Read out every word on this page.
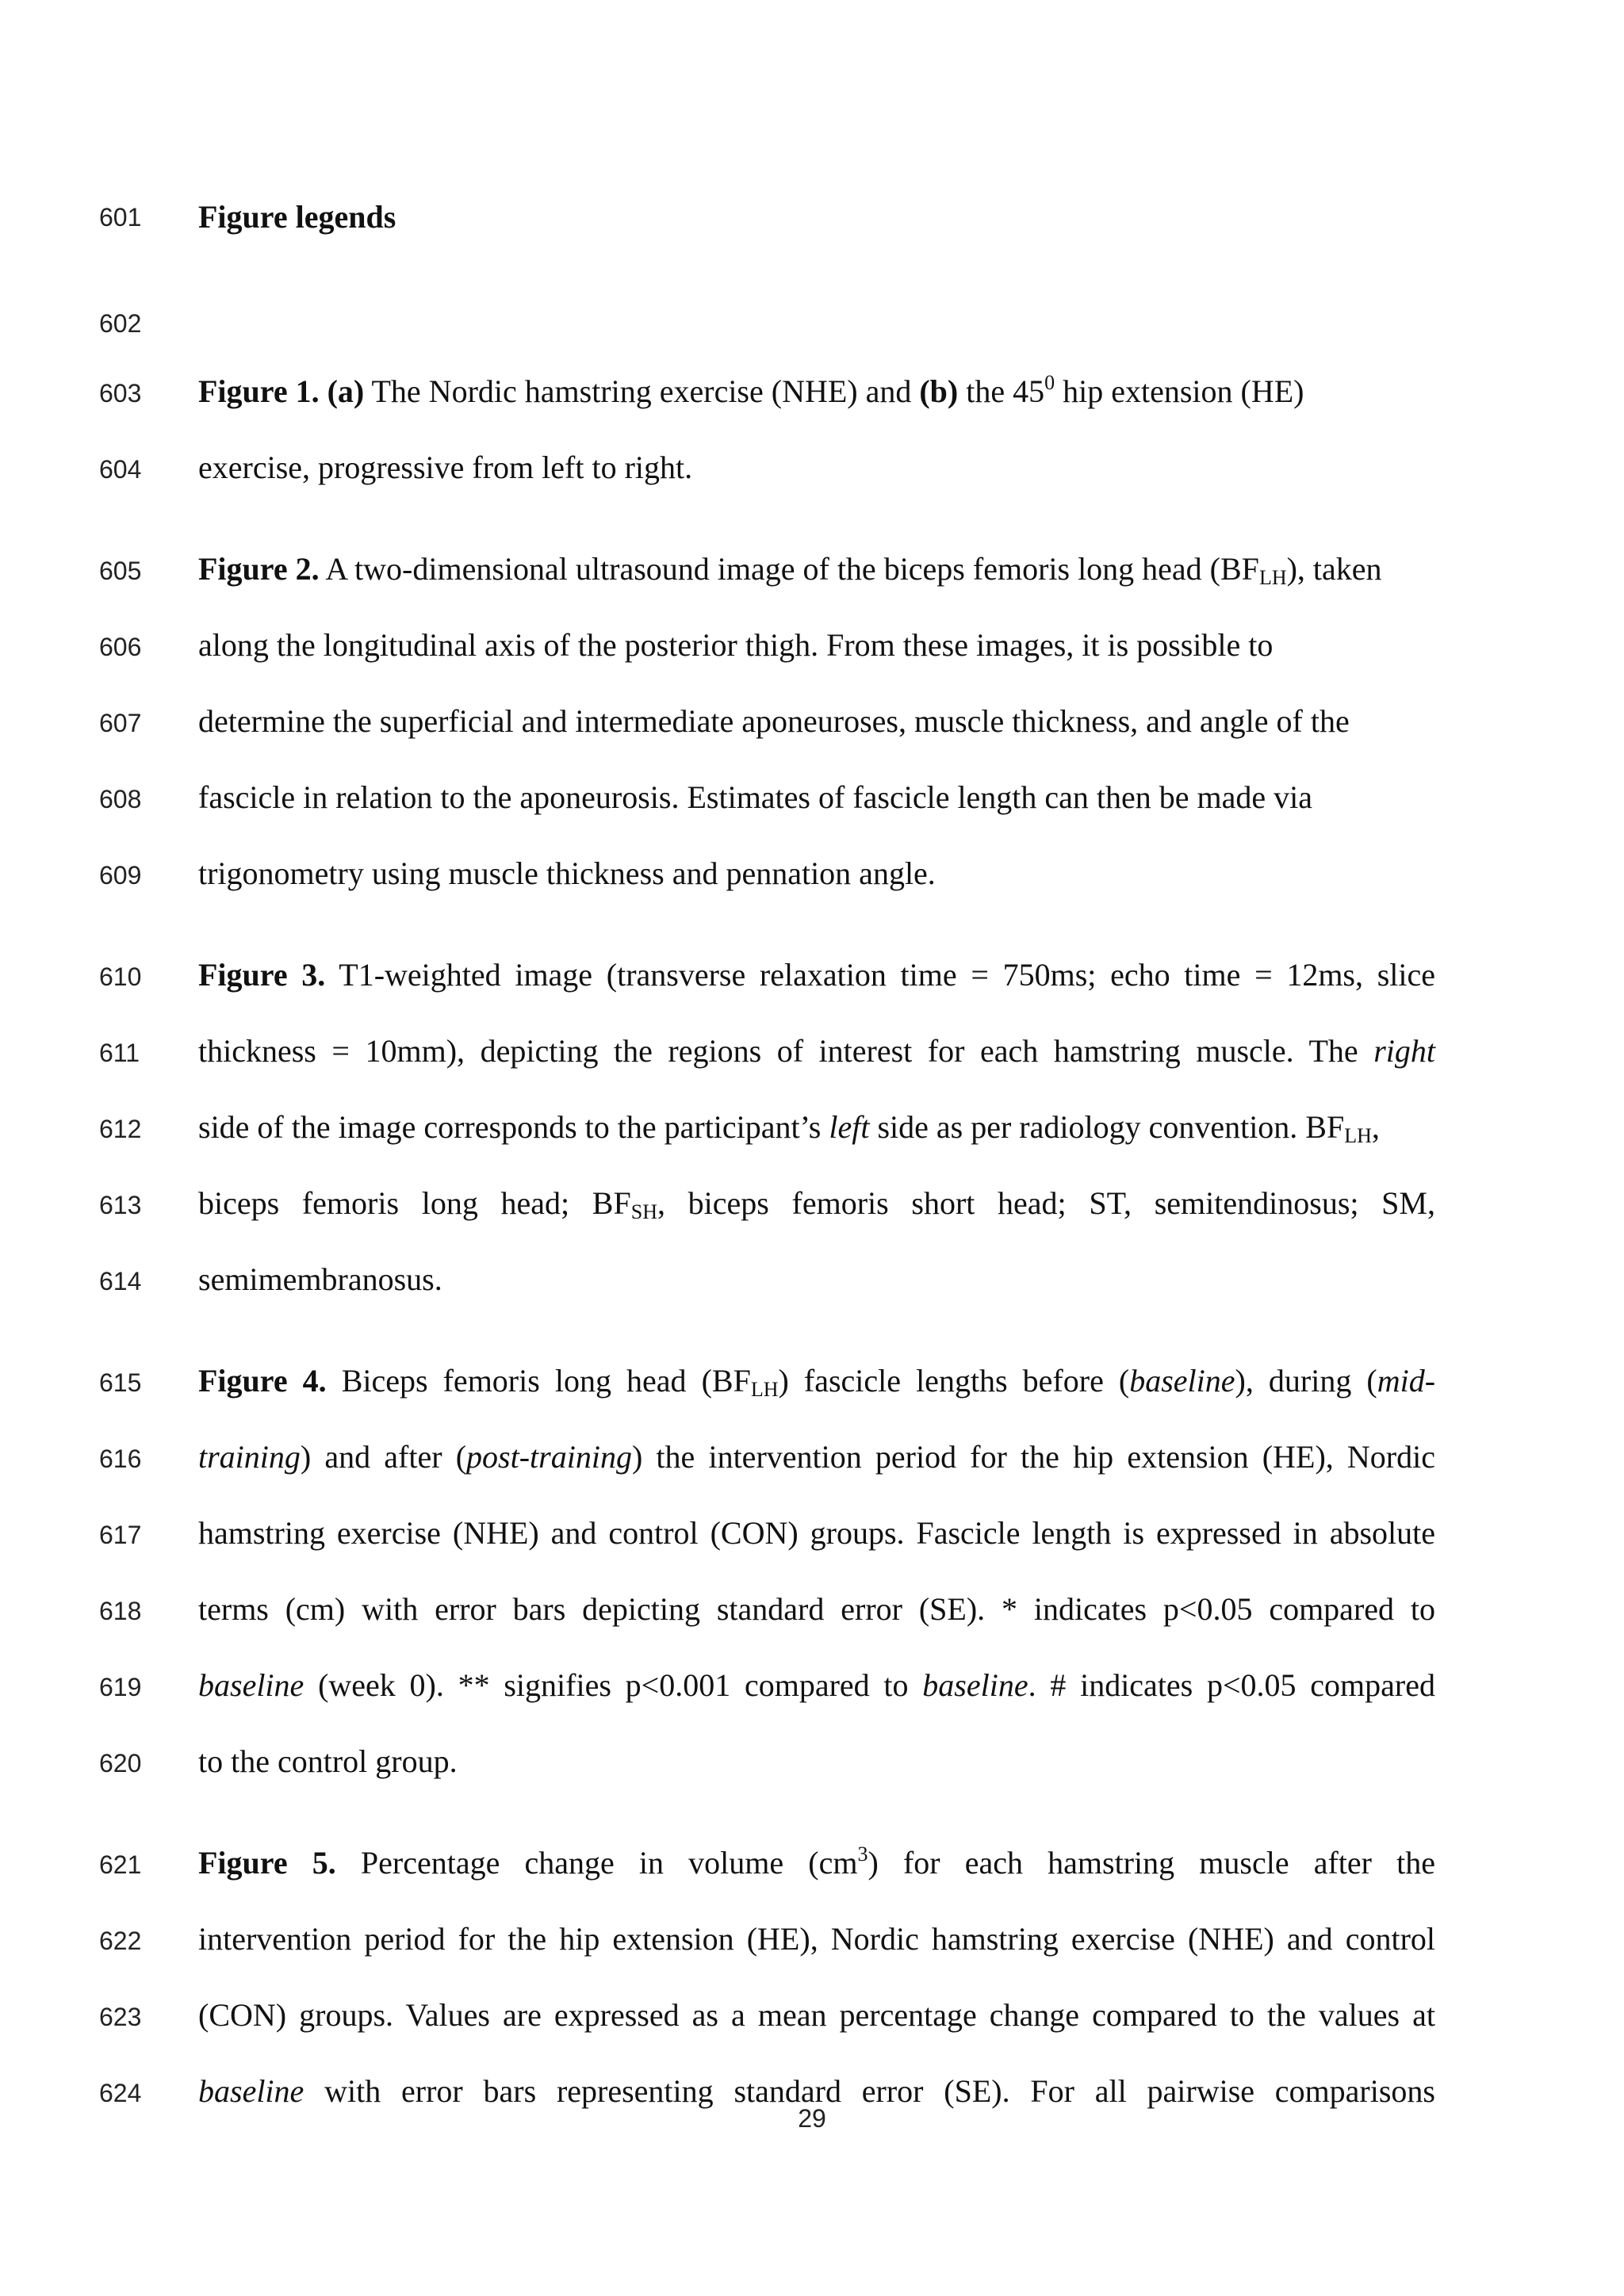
601
602
603
604
605
606
607
608
609
610
611
612
613
614
615
616
617
618
619
620
621
622
623
624
Figure legends
Figure 1. (a) The Nordic hamstring exercise (NHE) and (b) the $45^0$ hip extension (HE)
exercise, progressive from left to right.
Figure 2. A two-dimensional ultrasound image of the biceps femoris long head $(BF_{LH})$, taken
along the longitudinal axis of the posterior thigh. From these images, it is possible to
determine the superficial and intermediate aponeuroses, muscle thickness, and angle of the
fascicle in relation to the aponeurosis. Estimates of fascicle length can then be made via
trigonometry using muscle thickness and pennation angle.
Figure 3. T1-weighted image (transverse relaxation time = 750ms; echo time = 12ms, slice
thickness = 10mm), depicting the regions of interest for each hamstring muscle. The right
side of the image corresponds to the participant’s left side as per radiology convention. $BF_{LH}$,
biceps femoris long head; $BF_{SH}$, biceps femoris short head; ST, semitendinosus; SM,
semimembranosus.
Figure 4. Biceps femoris long head $(BF_{LH})$ fascicle lengths before (baseline), during (mid-
training) and after (post-training) the intervention period for the hip extension (HE), Nordic
hamstring exercise (NHE) and control (CON) groups. Fascicle length is expressed in absolute
terms (cm) with error bars depicting standard error (SE). * indicates p<0.05 compared to
baseline (week 0). ** signifies p<0.001 compared to baseline. # indicates p<0.05 compared
to the control group.
Figure 5. Percentage change in volume $(cm^3)$ for each hamstring muscle after the
intervention period for the hip extension (HE), Nordic hamstring exercise (NHE) and control
(CON) groups. Values are expressed as a mean percentage change compared to the values at
baseline with error bars representing standard error (SE). For all pairwise comparisons
29
